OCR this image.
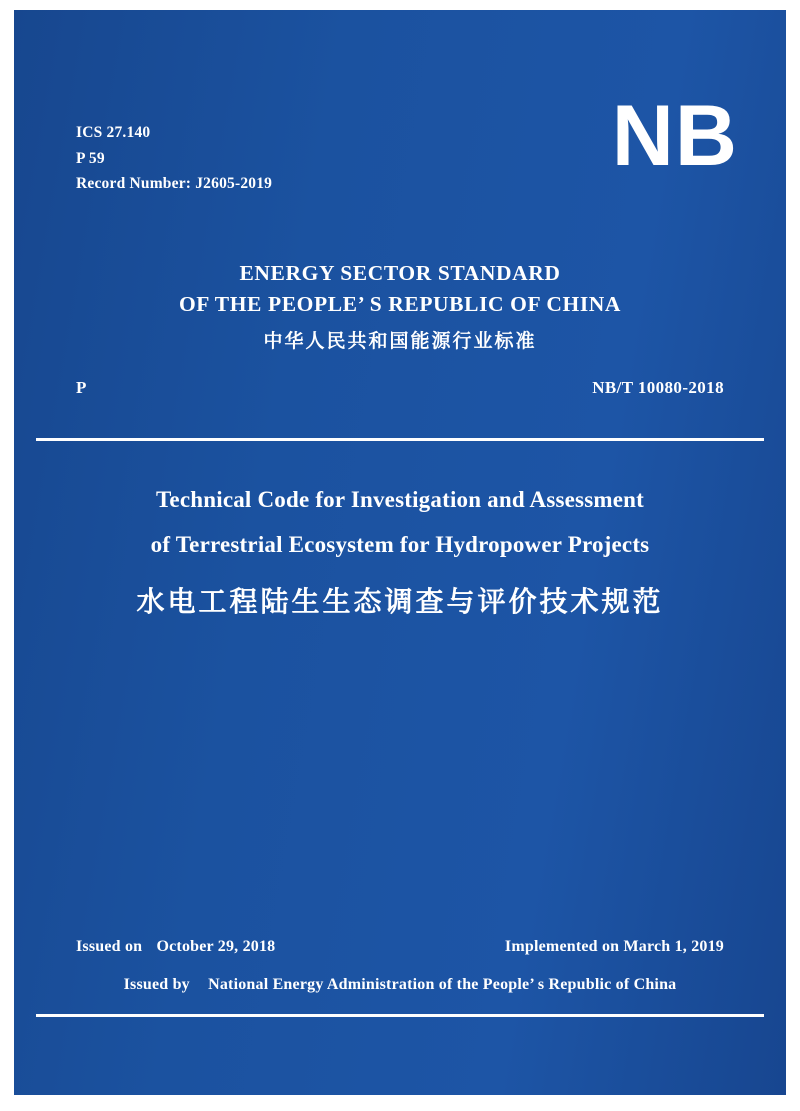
ICS 27.140
P 59
Record Number: J2605-2019	NB
ENERGY SECTOR STANDARD
OF THE PEOPLE’ S REPUBLIC OF CHINA
中华人民共和国能源行业标准
P	NB/T 10080-2018
Technical Code for Investigation and Assessment
of Terrestrial Ecosystem for Hydropower Projects
水电工程陆生生态调查与评价技术规范
Issued on October 29, 2018	Implemented on March 1, 2019
Issued by National Energy Administration of the People’ s Republic of China
